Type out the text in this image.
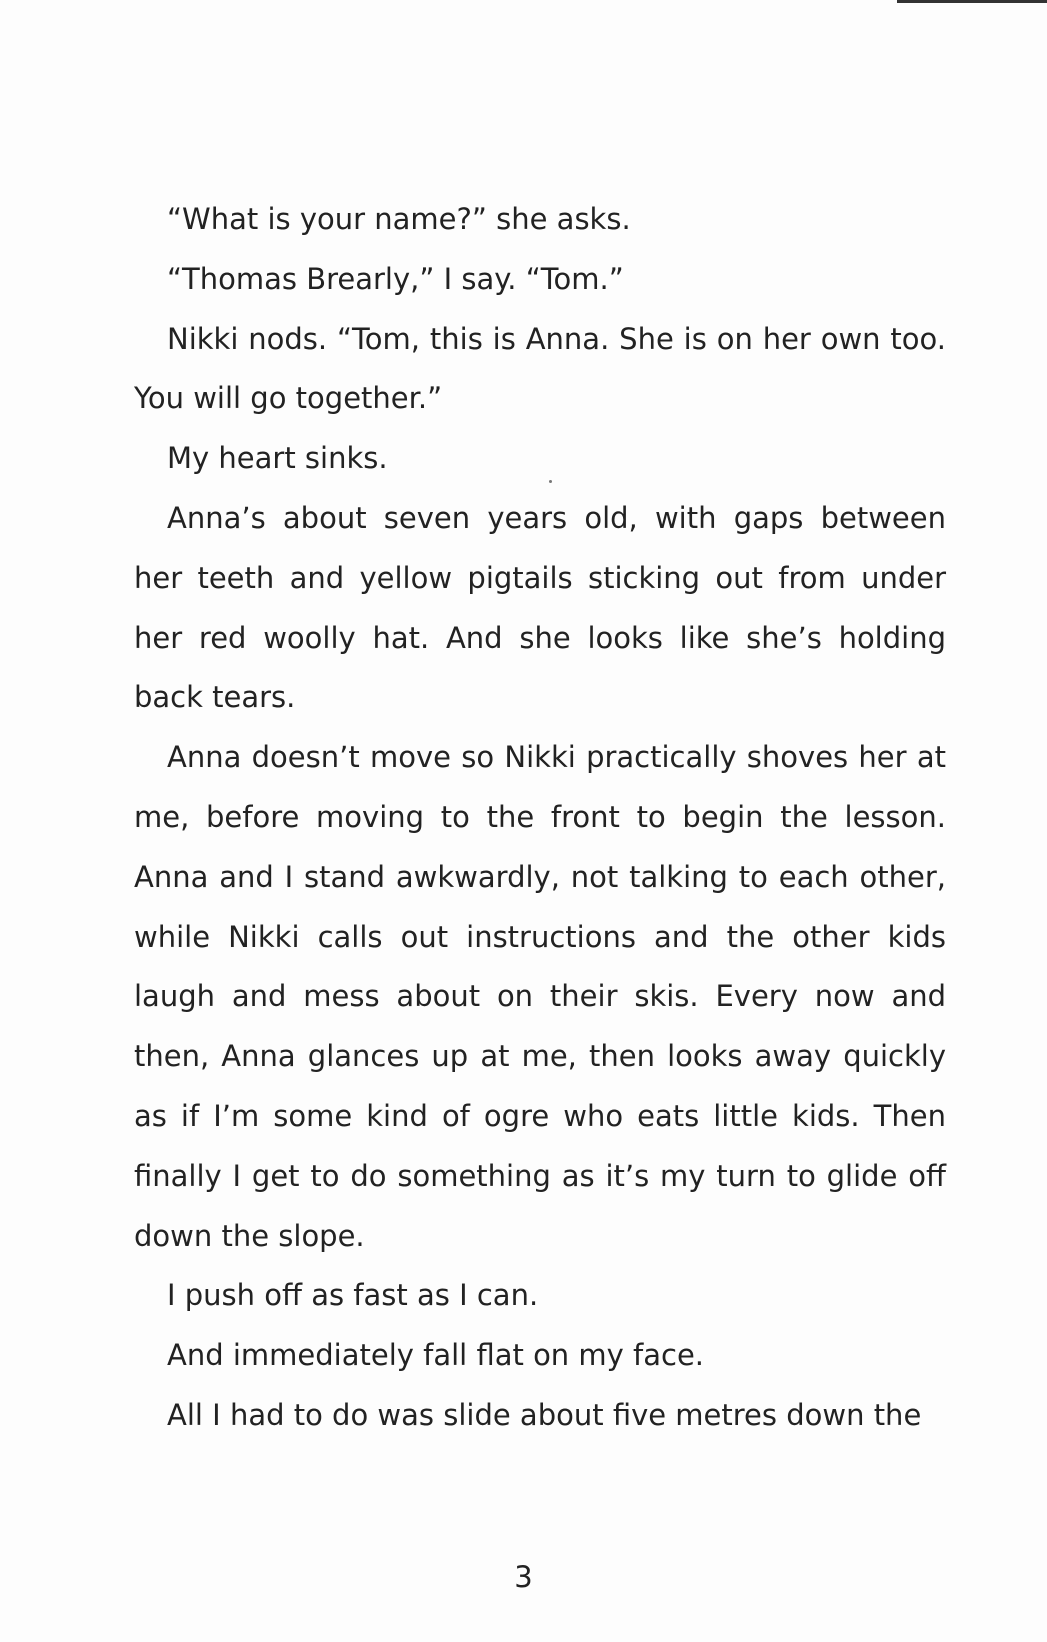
“What is your name?” she asks.

“Thomas Brearly,” I say. “Tom.”

Nikki nods. “Tom, this is Anna. She is on her own too. You will go together.”

My heart sinks.

Anna’s about seven years old, with gaps between her teeth and yellow pigtails sticking out from under her red woolly hat. And she looks like she’s holding back tears.

Anna doesn’t move so Nikki practically shoves her at me, before moving to the front to begin the lesson. Anna and I stand awkwardly, not talking to each other, while Nikki calls out instructions and the other kids laugh and mess about on their skis. Every now and then, Anna glances up at me, then looks away quickly as if I’m some kind of ogre who eats little kids. Then finally I get to do something as it’s my turn to glide off down the slope.

I push off as fast as I can.

And immediately fall flat on my face.

All I had to do was slide about five metres down the

3
